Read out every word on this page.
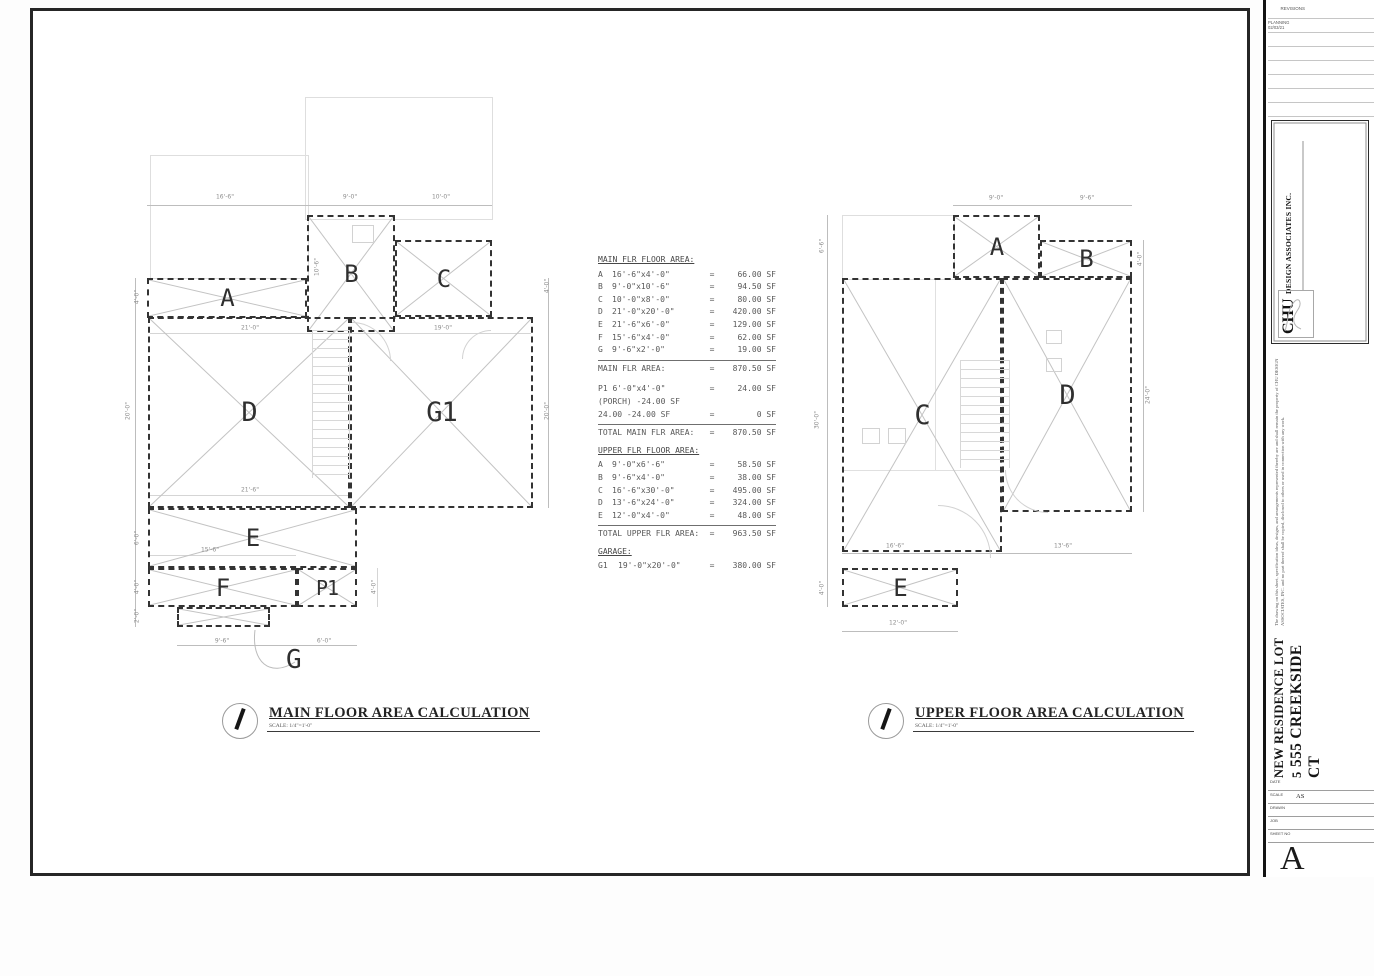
A
B	C
D	G1
E
F	P1
G
16'-6"	9'-0"	10'-0"
21'-0"	19'-0"
21'-6"
15'-6"
9'-6"	6'-0"
10'-6"
4'-0"
20'-0"
6'-0"
4'-0"
2'-0"
4'-0"
20'-0"
4'-0"
MAIN FLR FLOOR AREA:
A	16'-6"x4'-0"	=	66.00 SF
B	9'-0"x10'-6"	=	94.50 SF
C	10'-0"x8'-0"	=	80.00 SF
D	21'-0"x20'-0"	=	420.00 SF
E	21'-6"x6'-0"	=	129.00 SF
F	15'-6"x4'-0"	=	62.00 SF
G	9'-6"x2'-0"	=	19.00 SF
MAIN FLR AREA:	=	870.50 SF
P1 6'-0"x4'-0"	=	24.00 SF
(PORCH) -24.00 SF
24.00 -24.00 SF	=	0 SF
TOTAL MAIN FLR AREA:	=	870.50 SF
UPPER FLR FLOOR AREA:
A	9'-0"x6'-6"	=	58.50 SF
B	9'-6"x4'-0"	=	38.00 SF
C	16'-6"x30'-0"	=	495.00 SF
D	13'-6"x24'-0"	=	324.00 SF
E	12'-0"x4'-0"	=	48.00 SF
TOTAL UPPER FLR AREA:	=	963.50 SF
GARAGE:
G1	19'-0"x20'-0"	=	380.00 SF
A	B
C
D
E
9'-0"	9'-6"
6'-6"
30'-0"
4'-0"
4'-0"
24'-0"
16'-6"	13'-6"
12'-0"
MAIN FLOOR AREA CALCULATION
SCALE: 1/4"=1'-0"
UPPER FLOOR AREA CALCULATION
SCALE: 1/4"=1'-0"
REVISIONS
PLANNING
02/03/21
CHU DESIGN ASSOCIATES INC.
The drawing on this sheet, specification ideas, designs, and arrangements represented thereby are and shall remain the property of CHU DESIGN ASSOCIATES, INC. and no part thereof shall be copied, disclosed to others or used in connection with any work.
NEW RESIDENCE LOT 5 555 CREEKSIDE CT
DATE
SCALE AS
DRAWN
JOB
SHEET NO
A
